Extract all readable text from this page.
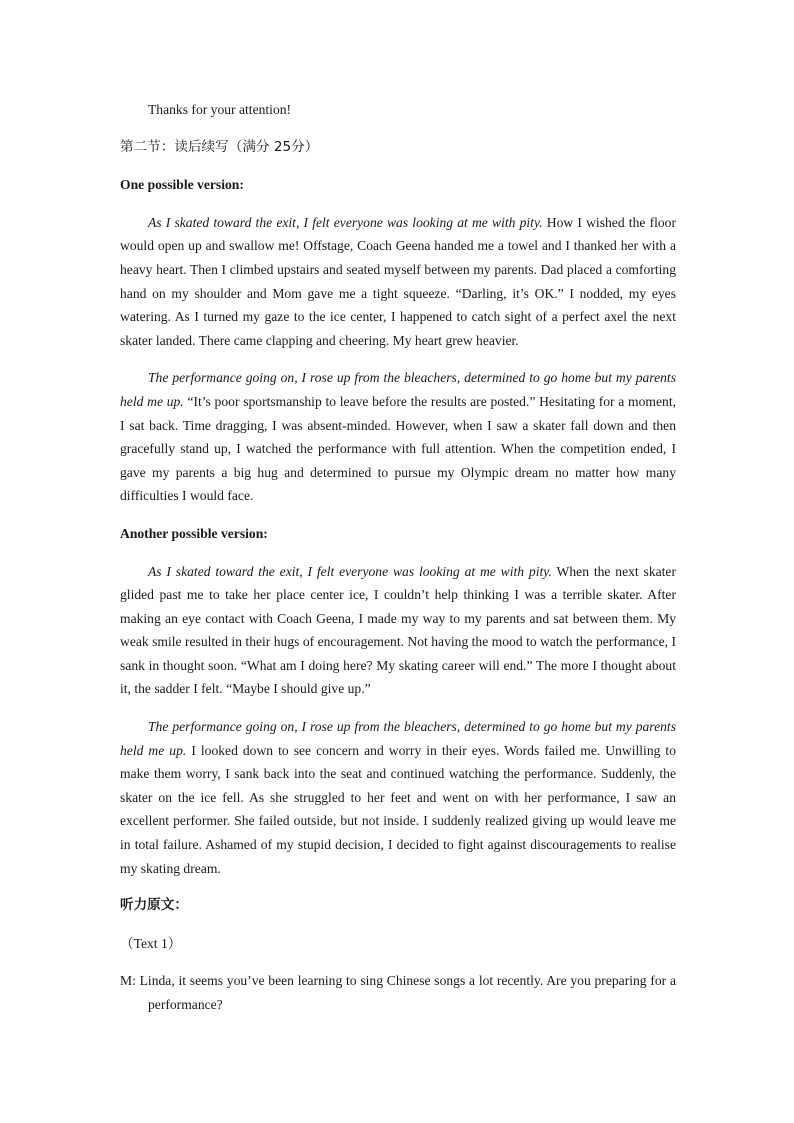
Thanks for your attention!

第二节：读后续写（满分 25分）

One possible version:

As I skated toward the exit, I felt everyone was looking at me with pity. How I wished the floor would open up and swallow me! Offstage, Coach Geena handed me a towel and I thanked her with a heavy heart. Then I climbed upstairs and seated myself between my parents. Dad placed a comforting hand on my shoulder and Mom gave me a tight squeeze. “Darling, it’s OK.” I nodded, my eyes watering. As I turned my gaze to the ice center, I happened to catch sight of a perfect axel the next skater landed. There came clapping and cheering. My heart grew heavier.

The performance going on, I rose up from the bleachers, determined to go home but my parents held me up. “It’s poor sportsmanship to leave before the results are posted.” Hesitating for a moment, I sat back. Time dragging, I was absent-minded. However, when I saw a skater fall down and then gracefully stand up, I watched the performance with full attention. When the competition ended, I gave my parents a big hug and determined to pursue my Olympic dream no matter how many difficulties I would face.

Another possible version:

As I skated toward the exit, I felt everyone was looking at me with pity. When the next skater glided past me to take her place center ice, I couldn’t help thinking I was a terrible skater. After making an eye contact with Coach Geena, I made my way to my parents and sat between them. My weak smile resulted in their hugs of encouragement. Not having the mood to watch the performance, I sank in thought soon. “What am I doing here? My skating career will end.” The more I thought about it, the sadder I felt. “Maybe I should give up.”

The performance going on, I rose up from the bleachers, determined to go home but my parents held me up. I looked down to see concern and worry in their eyes. Words failed me. Unwilling to make them worry, I sank back into the seat and continued watching the performance. Suddenly, the skater on the ice fell. As she struggled to her feet and went on with her performance, I saw an excellent performer. She failed outside, but not inside. I suddenly realized giving up would leave me in total failure. Ashamed of my stupid decision, I decided to fight against discouragements to realise my skating dream.

听力原文：

（Text 1）

M: Linda, it seems you’ve been learning to sing Chinese songs a lot recently. Are you preparing for a performance?
